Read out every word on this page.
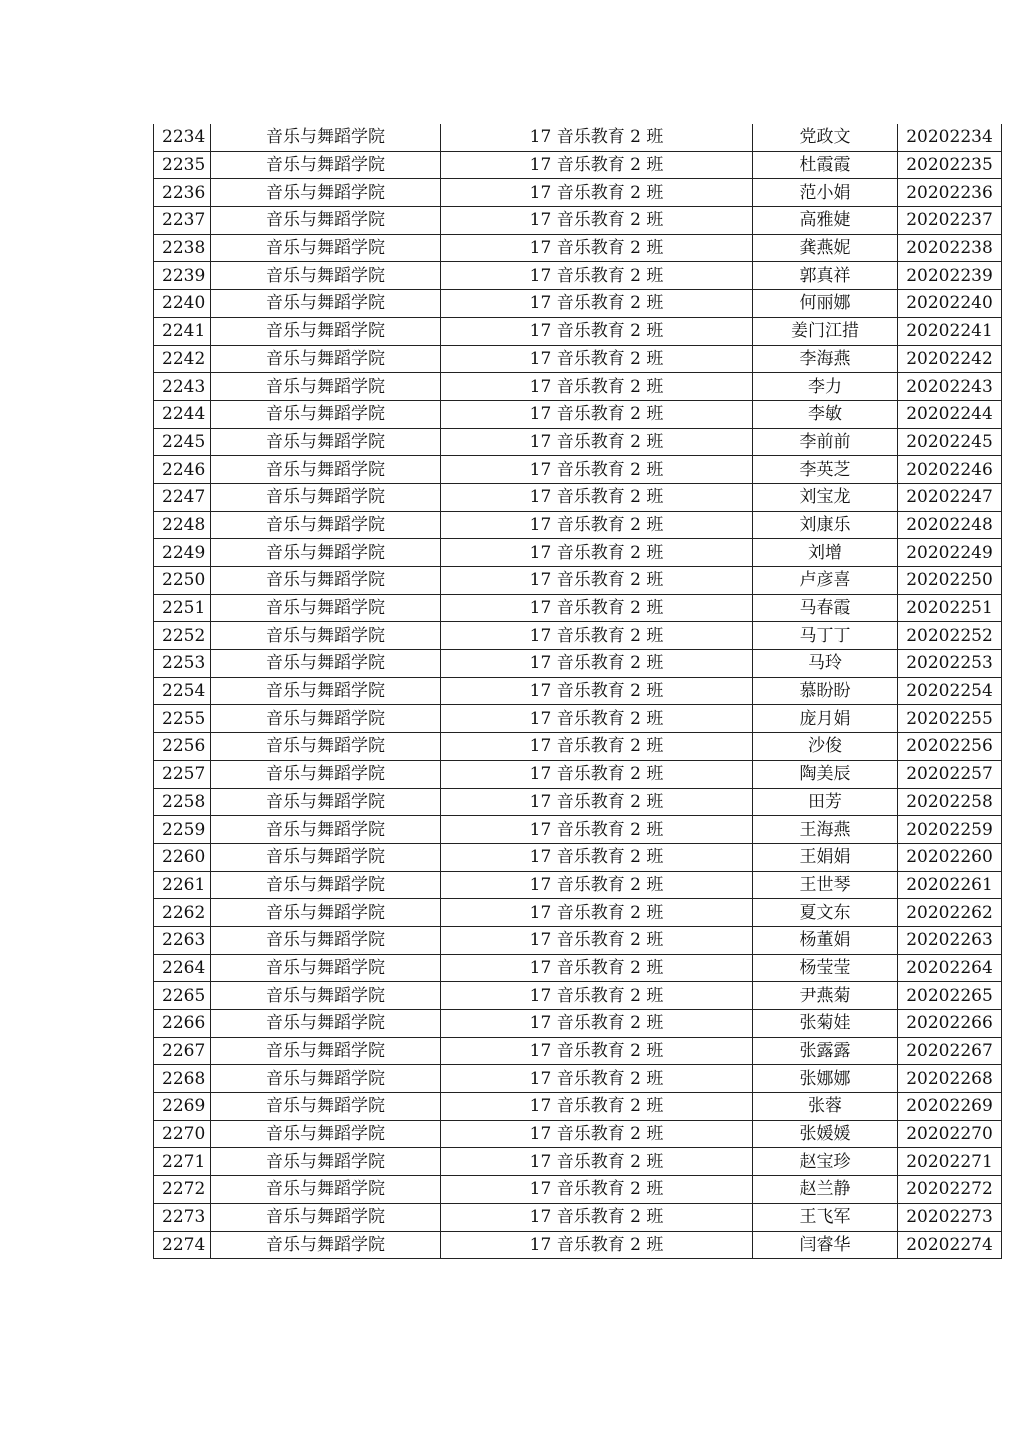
2234	音乐与舞蹈学院	17 音乐教育 2 班	党政文	20202234
2235	音乐与舞蹈学院	17 音乐教育 2 班	杜霞霞	20202235
2236	音乐与舞蹈学院	17 音乐教育 2 班	范小娟	20202236
2237	音乐与舞蹈学院	17 音乐教育 2 班	高雅婕	20202237
2238	音乐与舞蹈学院	17 音乐教育 2 班	龚燕妮	20202238
2239	音乐与舞蹈学院	17 音乐教育 2 班	郭真祥	20202239
2240	音乐与舞蹈学院	17 音乐教育 2 班	何丽娜	20202240
2241	音乐与舞蹈学院	17 音乐教育 2 班	姜门江措	20202241
2242	音乐与舞蹈学院	17 音乐教育 2 班	李海燕	20202242
2243	音乐与舞蹈学院	17 音乐教育 2 班	李力	20202243
2244	音乐与舞蹈学院	17 音乐教育 2 班	李敏	20202244
2245	音乐与舞蹈学院	17 音乐教育 2 班	李前前	20202245
2246	音乐与舞蹈学院	17 音乐教育 2 班	李英芝	20202246
2247	音乐与舞蹈学院	17 音乐教育 2 班	刘宝龙	20202247
2248	音乐与舞蹈学院	17 音乐教育 2 班	刘康乐	20202248
2249	音乐与舞蹈学院	17 音乐教育 2 班	刘增	20202249
2250	音乐与舞蹈学院	17 音乐教育 2 班	卢彦喜	20202250
2251	音乐与舞蹈学院	17 音乐教育 2 班	马春霞	20202251
2252	音乐与舞蹈学院	17 音乐教育 2 班	马丁丁	20202252
2253	音乐与舞蹈学院	17 音乐教育 2 班	马玲	20202253
2254	音乐与舞蹈学院	17 音乐教育 2 班	慕盼盼	20202254
2255	音乐与舞蹈学院	17 音乐教育 2 班	庞月娟	20202255
2256	音乐与舞蹈学院	17 音乐教育 2 班	沙俊	20202256
2257	音乐与舞蹈学院	17 音乐教育 2 班	陶美辰	20202257
2258	音乐与舞蹈学院	17 音乐教育 2 班	田芳	20202258
2259	音乐与舞蹈学院	17 音乐教育 2 班	王海燕	20202259
2260	音乐与舞蹈学院	17 音乐教育 2 班	王娟娟	20202260
2261	音乐与舞蹈学院	17 音乐教育 2 班	王世琴	20202261
2262	音乐与舞蹈学院	17 音乐教育 2 班	夏文东	20202262
2263	音乐与舞蹈学院	17 音乐教育 2 班	杨董娟	20202263
2264	音乐与舞蹈学院	17 音乐教育 2 班	杨莹莹	20202264
2265	音乐与舞蹈学院	17 音乐教育 2 班	尹燕菊	20202265
2266	音乐与舞蹈学院	17 音乐教育 2 班	张菊娃	20202266
2267	音乐与舞蹈学院	17 音乐教育 2 班	张露露	20202267
2268	音乐与舞蹈学院	17 音乐教育 2 班	张娜娜	20202268
2269	音乐与舞蹈学院	17 音乐教育 2 班	张蓉	20202269
2270	音乐与舞蹈学院	17 音乐教育 2 班	张媛媛	20202270
2271	音乐与舞蹈学院	17 音乐教育 2 班	赵宝珍	20202271
2272	音乐与舞蹈学院	17 音乐教育 2 班	赵兰静	20202272
2273	音乐与舞蹈学院	17 音乐教育 2 班	王飞军	20202273
2274	音乐与舞蹈学院	17 音乐教育 2 班	闫睿华	20202274
